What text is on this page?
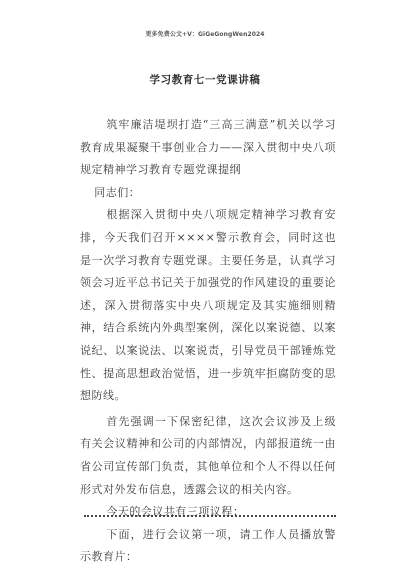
更多免费公文+V：GiGeGongWen2024
学习教育七一党课讲稿

筑牢廉洁堤坝打造“三高三满意”机关以学习教育成果凝聚干事创业合力——深入贯彻中央八项规定精神学习教育专题党课提纲

同志们：

根据深入贯彻中央八项规定精神学习教育安排，今天我们召开××××警示教育会，同时这也是一次学习教育专题党课。主要任务是，认真学习领会习近平总书记关于加强党的作风建设的重要论述，深入贯彻落实中央八项规定及其实施细则精神，结合系统内外典型案例，深化以案说德、以案说纪、以案说法、以案说责，引导党员干部锤炼党性、提高思想政治觉悟，进一步筑牢拒腐防变的思想防线。

首先强调一下保密纪律，这次会议涉及上级有关会议精神和公司的内部情况，内部报道统一由省公司宣传部门负责，其他单位和个人不得以任何形式对外发布信息，透露会议的相关内容。

今天的会议共有三项议程：

下面，进行会议第一项，请工作人员播放警示教育片：
